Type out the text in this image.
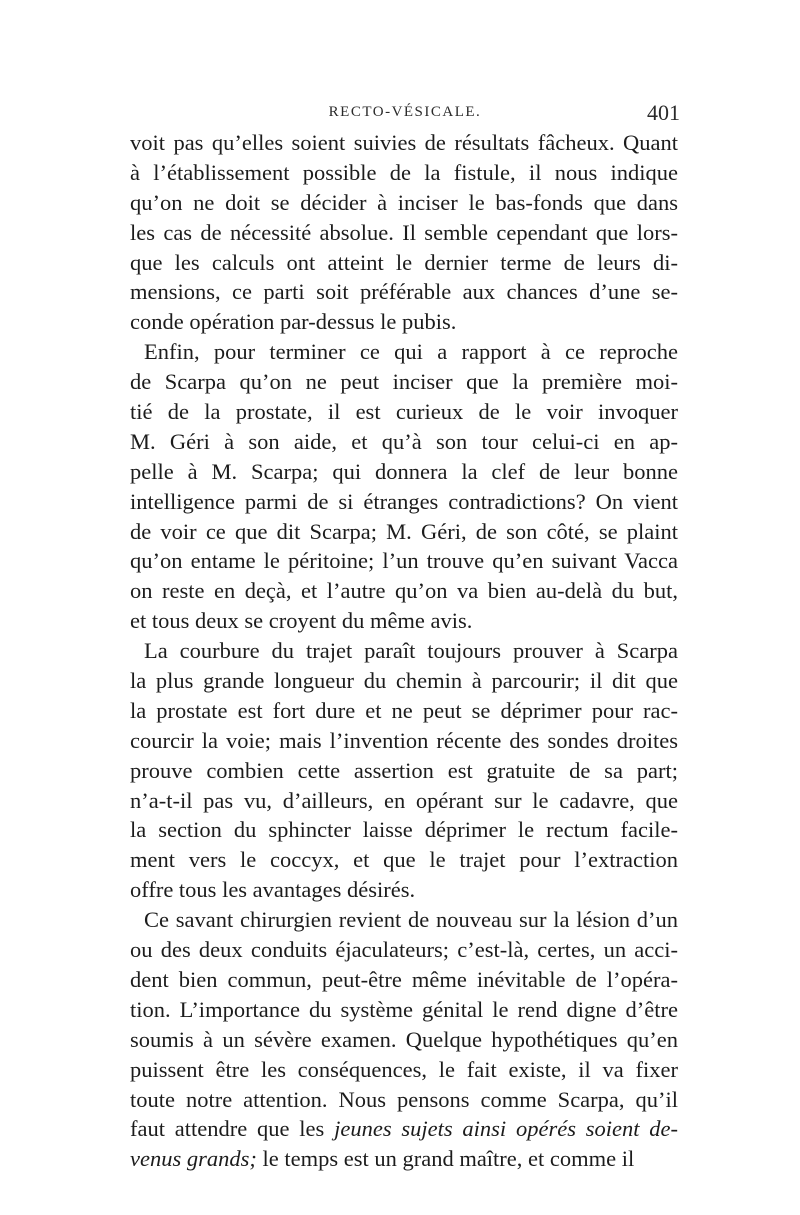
RECTO-VÉSICALE.	401
voit pas qu’elles soient suivies de résultats fâcheux. Quant
à l’établissement possible de la fistule, il nous indique
qu’on ne doit se décider à inciser le bas-fonds que dans
les cas de nécessité absolue. Il semble cependant que lors-
que les calculs ont atteint le dernier terme de leurs di-
mensions, ce parti soit préférable aux chances d’une se-
conde opération par-dessus le pubis.
Enfin, pour terminer ce qui a rapport à ce reproche
de Scarpa qu’on ne peut inciser que la première moi-
tié de la prostate, il est curieux de le voir invoquer
M. Géri à son aide, et qu’à son tour celui-ci en ap-
pelle à M. Scarpa; qui donnera la clef de leur bonne
intelligence parmi de si étranges contradictions? On vient
de voir ce que dit Scarpa; M. Géri, de son côté, se plaint
qu’on entame le péritoine; l’un trouve qu’en suivant Vacca
on reste en deçà, et l’autre qu’on va bien au-delà du but,
et tous deux se croyent du même avis.
La courbure du trajet paraît toujours prouver à Scarpa
la plus grande longueur du chemin à parcourir; il dit que
la prostate est fort dure et ne peut se déprimer pour rac-
courcir la voie; mais l’invention récente des sondes droites
prouve combien cette assertion est gratuite de sa part;
n’a-t-il pas vu, d’ailleurs, en opérant sur le cadavre, que
la section du sphincter laisse déprimer le rectum facile-
ment vers le coccyx, et que le trajet pour l’extraction
offre tous les avantages désirés.
Ce savant chirurgien revient de nouveau sur la lésion d’un
ou des deux conduits éjaculateurs; c’est-là, certes, un acci-
dent bien commun, peut-être même inévitable de l’opéra-
tion. L’importance du système génital le rend digne d’être
soumis à un sévère examen. Quelque hypothétiques qu’en
puissent être les conséquences, le fait existe, il va fixer
toute notre attention. Nous pensons comme Scarpa, qu’il
faut attendre que les jeunes sujets ainsi opérés soient de-
venus grands; le temps est un grand maître, et comme il
